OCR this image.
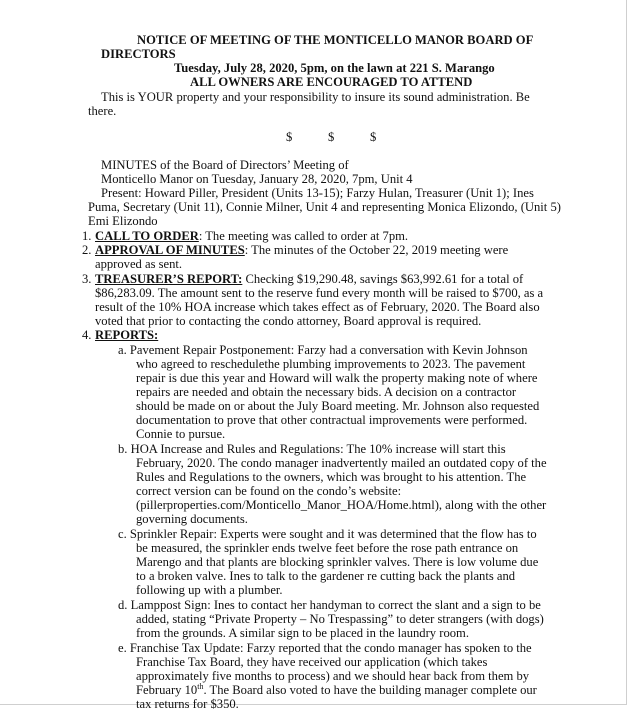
NOTICE OF MEETING OF THE MONTICELLO MANOR BOARD OF
DIRECTORS
Tuesday, July 28, 2020, 5pm, on the lawn at 221 S. Marango
ALL OWNERS ARE ENCOURAGED TO ATTEND
This is YOUR property and your responsibility to insure its sound administration. Be
there.
$	$	$
MINUTES of the Board of Directors’ Meeting of
Monticello Manor on Tuesday, January 28, 2020, 7pm, Unit 4
Present: Howard Piller, President (Units 13-15); Farzy Hulan, Treasurer (Unit 1); Ines
Puma, Secretary (Unit 11), Connie Milner, Unit 4 and representing Monica Elizondo, (Unit 5)
Emi Elizondo
1. CALL TO ORDER: The meeting was called to order at 7pm.
2. APPROVAL OF MINUTES: The minutes of the October 22, 2019 meeting were
approved as sent.
3. TREASURER’S REPORT: Checking $19,290.48, savings $63,992.61 for a total of
$86,283.09. The amount sent to the reserve fund every month will be raised to $700, as a
result of the 10% HOA increase which takes effect as of February, 2020. The Board also
voted that prior to contacting the condo attorney, Board approval is required.
4. REPORTS:
a. Pavement Repair Postponement: Farzy had a conversation with Kevin Johnson
who agreed to reschedulethe plumbing improvements to 2023. The pavement
repair is due this year and Howard will walk the property making note of where
repairs are needed and obtain the necessary bids. A decision on a contractor
should be made on or about the July Board meeting. Mr. Johnson also requested
documentation to prove that other contractual improvements were performed.
Connie to pursue.
b. HOA Increase and Rules and Regulations: The 10% increase will start this
February, 2020. The condo manager inadvertently mailed an outdated copy of the
Rules and Regulations to the owners, which was brought to his attention. The
correct version can be found on the condo’s website:
(pillerproperties.com/Monticello_Manor_HOA/Home.html), along with the other
governing documents.
c. Sprinkler Repair: Experts were sought and it was determined that the flow has to
be measured, the sprinkler ends twelve feet before the rose path entrance on
Marengo and that plants are blocking sprinkler valves. There is low volume due
to a broken valve. Ines to talk to the gardener re cutting back the plants and
following up with a plumber.
d. Lamppost Sign: Ines to contact her handyman to correct the slant and a sign to be
added, stating “Private Property – No Trespassing” to deter strangers (with dogs)
from the grounds. A similar sign to be placed in the laundry room.
e. Franchise Tax Update: Farzy reported that the condo manager has spoken to the
Franchise Tax Board, they have received our application (which takes
approximately five months to process) and we should hear back from them by
February 10th. The Board also voted to have the building manager complete our
tax returns for $350.
